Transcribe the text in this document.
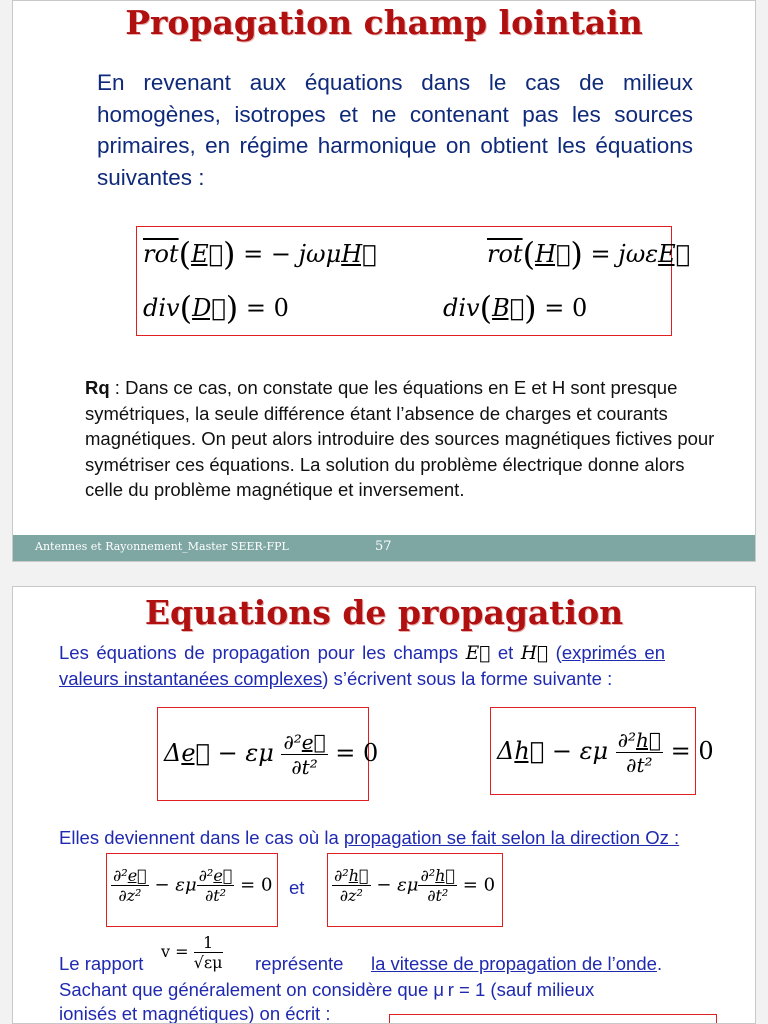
Propagation champ lointain

En revenant aux équations dans le cas de milieux homogènes, isotropes et ne contenant pas les sources primaires, en régime harmonique on obtient les équations suivantes :

$\overline{rot}(E⃗)$ = − jωμH⃗	$\overline{rot}(H⃗)$ = jωεE⃗
div(D⃗) = 0	div(B⃗) = 0

Rq : Dans ce cas, on constate que les équations en E et H sont presque symétriques, la seule différence étant l’absence de charges et courants magnétiques. On peut alors introduire des sources magnétiques fictives pour symétriser ces équations. La solution du problème électrique donne alors celle du problème magnétique et inversement.

Antennes et Rayonnement_Master SEER-FPL	57
Equations de propagation

Les équations de propagation pour les champs E⃗ et H⃗ (exprimés en valeurs instantanées complexes) s’écrivent sous la forme suivante :

Δe⃗ − εμ $\frac{\text{∂²e⃗}}{\text{∂t²}} = 0$	Δh⃗ − εμ $\frac{\text{∂²h⃗}}{\text{∂t²}} = 0$

Elles deviennent dans le cas où la propagation se fait selon la direction Oz :

$\frac{\text{∂²e⃗}}{\text{∂z²}} - \varepsilon\mu \frac{\text{∂²e⃗}}{\text{∂t²}} = 0$ et $\frac{\text{∂²h⃗}}{\text{∂z²}} - \varepsilon\mu \frac{\text{∂²h⃗}}{\text{∂t²}} = 0$
Le rapport
$v = \frac{1}{√\varepsilon\mu}$ représente la vitesse de propagation de l’onde.

Sachant que généralement on considère que μ r = 1 (sauf milieux

ionisés et magnétiques) on écrit :
